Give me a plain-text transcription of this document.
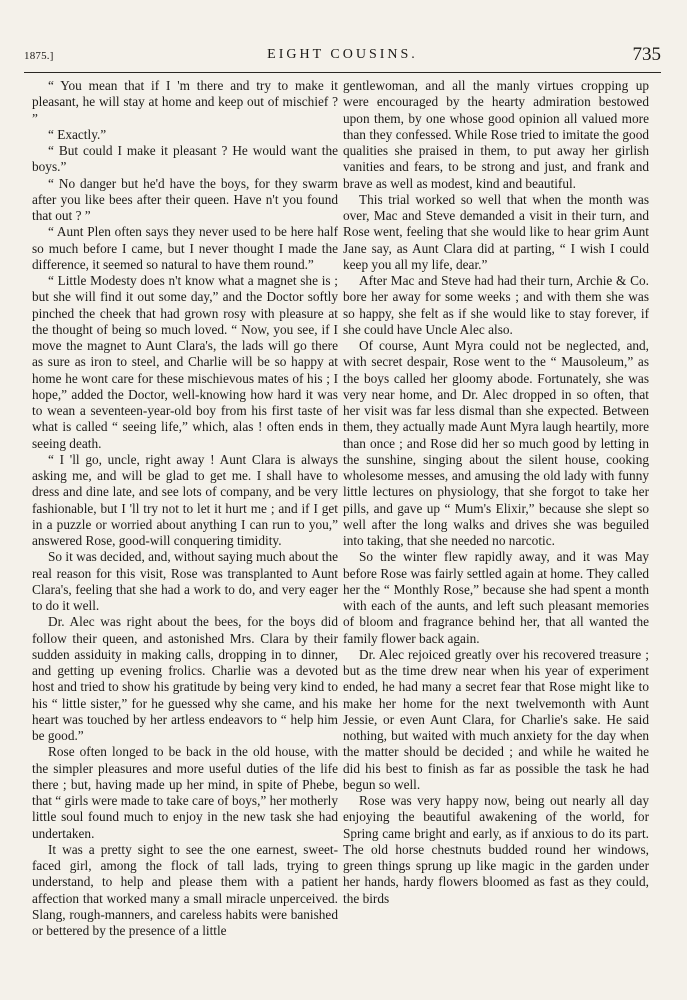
1875.]	EIGHT COUSINS.	735

“ You mean that if I 'm there and try to make it pleasant, he will stay at home and keep out of mischief ? ”

“ Exactly.”

“ But could I make it pleasant ? He would want the boys.”

“ No danger but he'd have the boys, for they swarm after you like bees after their queen. Have n't you found that out ? ”

“ Aunt Plen often says they never used to be here half so much before I came, but I never thought I made the difference, it seemed so natural to have them round.”

“ Little Modesty does n't know what a magnet she is ; but she will find it out some day,” and the Doctor softly pinched the cheek that had grown rosy with pleasure at the thought of being so much loved. “ Now, you see, if I move the magnet to Aunt Clara's, the lads will go there as sure as iron to steel, and Charlie will be so happy at home he wont care for these mischievous mates of his ; I hope,” added the Doctor, well-knowing how hard it was to wean a seventeen-year-old boy from his first taste of what is called “ seeing life,” which, alas ! often ends in seeing death.

“ I 'll go, uncle, right away ! Aunt Clara is always asking me, and will be glad to get me. I shall have to dress and dine late, and see lots of company, and be very fashionable, but I 'll try not to let it hurt me ; and if I get in a puzzle or worried about anything I can run to you,” answered Rose, good-will conquering timidity.

So it was decided, and, without saying much about the real reason for this visit, Rose was transplanted to Aunt Clara's, feeling that she had a work to do, and very eager to do it well.

Dr. Alec was right about the bees, for the boys did follow their queen, and astonished Mrs. Clara by their sudden assiduity in making calls, dropping in to dinner, and getting up evening frolics. Charlie was a devoted host and tried to show his gratitude by being very kind to his “ little sister,” for he guessed why she came, and his heart was touched by her artless endeavors to “ help him be good.”

Rose often longed to be back in the old house, with the simpler pleasures and more useful duties of the life there ; but, having made up her mind, in spite of Phebe, that “ girls were made to take care of boys,” her motherly little soul found much to enjoy in the new task she had undertaken.

It was a pretty sight to see the one earnest, sweet-faced girl, among the flock of tall lads, trying to understand, to help and please them with a patient affection that worked many a small miracle unperceived. Slang, rough-manners, and careless habits were banished or bettered by the presence of a little

gentlewoman, and all the manly virtues cropping up were encouraged by the hearty admiration bestowed upon them, by one whose good opinion all valued more than they confessed. While Rose tried to imitate the good qualities she praised in them, to put away her girlish vanities and fears, to be strong and just, and frank and brave as well as modest, kind and beautiful.

This trial worked so well that when the month was over, Mac and Steve demanded a visit in their turn, and Rose went, feeling that she would like to hear grim Aunt Jane say, as Aunt Clara did at parting, “ I wish I could keep you all my life, dear.”

After Mac and Steve had had their turn, Archie & Co. bore her away for some weeks ; and with them she was so happy, she felt as if she would like to stay forever, if she could have Uncle Alec also.

Of course, Aunt Myra could not be neglected, and, with secret despair, Rose went to the “ Mausoleum,” as the boys called her gloomy abode. Fortunately, she was very near home, and Dr. Alec dropped in so often, that her visit was far less dismal than she expected. Between them, they actually made Aunt Myra laugh heartily, more than once ; and Rose did her so much good by letting in the sunshine, singing about the silent house, cooking wholesome messes, and amusing the old lady with funny little lectures on physiology, that she forgot to take her pills, and gave up “ Mum's Elixir,” because she slept so well after the long walks and drives she was beguiled into taking, that she needed no narcotic.

So the winter flew rapidly away, and it was May before Rose was fairly settled again at home. They called her the “ Monthly Rose,” because she had spent a month with each of the aunts, and left such pleasant memories of bloom and fragrance behind her, that all wanted the family flower back again.

Dr. Alec rejoiced greatly over his recovered treasure ; but as the time drew near when his year of experiment ended, he had many a secret fear that Rose might like to make her home for the next twelvemonth with Aunt Jessie, or even Aunt Clara, for Charlie's sake. He said nothing, but waited with much anxiety for the day when the matter should be decided ; and while he waited he did his best to finish as far as possible the task he had begun so well.

Rose was very happy now, being out nearly all day enjoying the beautiful awakening of the world, for Spring came bright and early, as if anxious to do its part. The old horse chestnuts budded round her windows, green things sprung up like magic in the garden under her hands, hardy flowers bloomed as fast as they could, the birds
